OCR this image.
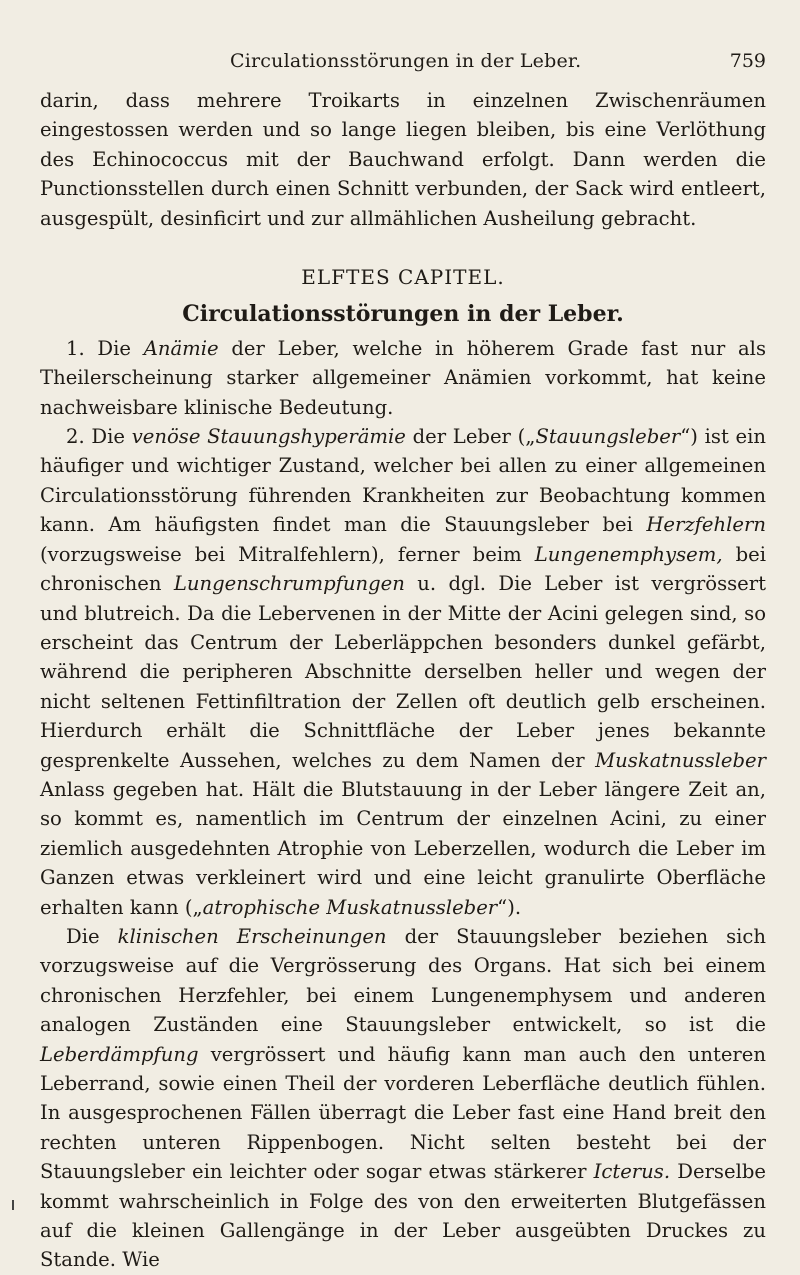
Circulationsstörungen in der Leber.	759

darin, dass mehrere Troikarts in einzelnen Zwischenräumen eingestossen werden und so lange liegen bleiben, bis eine Verlöthung des Echinococcus mit der Bauchwand erfolgt. Dann werden die Punctionsstellen durch einen Schnitt verbunden, der Sack wird entleert, ausgespült, desinficirt und zur allmählichen Ausheilung gebracht.

ELFTES CAPITEL.
Circulationsstörungen in der Leber.

1. Die Anämie der Leber, welche in höherem Grade fast nur als Theilerscheinung starker allgemeiner Anämien vorkommt, hat keine nachweisbare klinische Bedeutung.

2. Die venöse Stauungshyperämie der Leber („Stauungsleber“) ist ein häufiger und wichtiger Zustand, welcher bei allen zu einer allgemeinen Circulationsstörung führenden Krankheiten zur Beobachtung kommen kann. Am häufigsten findet man die Stauungsleber bei Herzfehlern (vorzugsweise bei Mitralfehlern), ferner beim Lungenemphysem, bei chronischen Lungenschrumpfungen u. dgl. Die Leber ist vergrössert und blutreich. Da die Lebervenen in der Mitte der Acini gelegen sind, so erscheint das Centrum der Leberläppchen besonders dunkel gefärbt, während die peripheren Abschnitte derselben heller und wegen der nicht seltenen Fettinfiltration der Zellen oft deutlich gelb erscheinen. Hierdurch erhält die Schnittfläche der Leber jenes bekannte gesprenkelte Aussehen, welches zu dem Namen der Muskatnussleber Anlass gegeben hat. Hält die Blutstauung in der Leber längere Zeit an, so kommt es, namentlich im Centrum der einzelnen Acini, zu einer ziemlich ausgedehnten Atrophie von Leberzellen, wodurch die Leber im Ganzen etwas verkleinert wird und eine leicht granulirte Oberfläche erhalten kann („atrophische Muskatnussleber“).

Die klinischen Erscheinungen der Stauungsleber beziehen sich vorzugsweise auf die Vergrösserung des Organs. Hat sich bei einem chronischen Herzfehler, bei einem Lungenemphysem und anderen analogen Zuständen eine Stauungsleber entwickelt, so ist die Leberdämpfung vergrössert und häufig kann man auch den unteren Leberrand, sowie einen Theil der vorderen Leberfläche deutlich fühlen. In ausgesprochenen Fällen überragt die Leber fast eine Hand breit den rechten unteren Rippenbogen. Nicht selten besteht bei der Stauungsleber ein leichter oder sogar etwas stärkerer Icterus. Derselbe kommt wahrscheinlich in Folge des von den erweiterten Blutgefässen auf die kleinen Gallengänge in der Leber ausgeübten Druckes zu Stande. Wie
